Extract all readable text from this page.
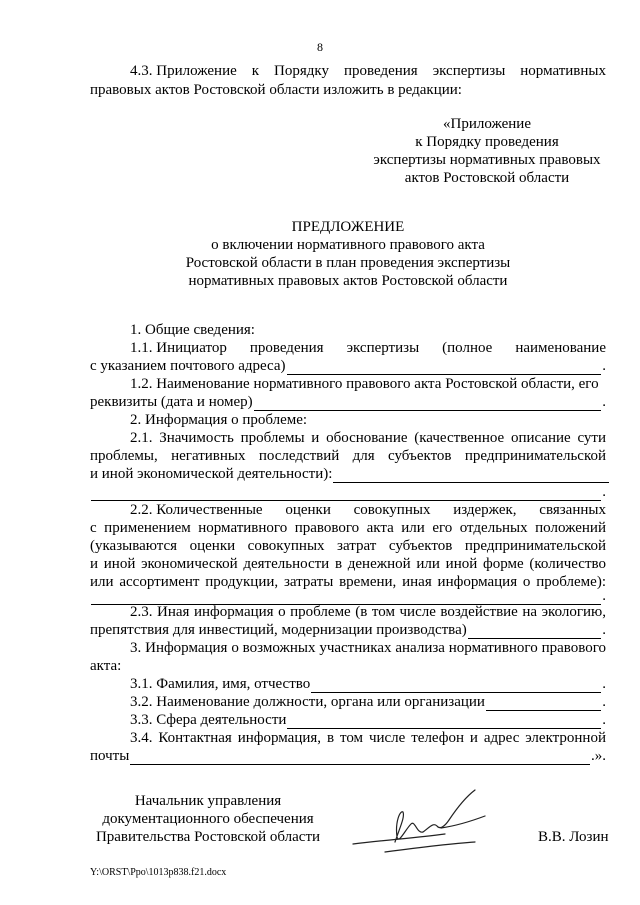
8
4.3. Приложение к Порядку проведения экспертизы нормативных
правовых актов Ростовской области изложить в редакции:
«Приложение
к Порядку проведения
экспертизы нормативных правовых
актов Ростовской области
ПРЕДЛОЖЕНИЕ
о включении нормативного правового акта
Ростовской области в план проведения экспертизы
нормативных правовых актов Ростовской области
1. Общие сведения:
1.1. Инициатор проведения экспертизы (полное наименование
с указанием почтового адреса)	.
1.2. Наименование нормативного правового акта Ростовской области, его
реквизиты (дата и номер)	.
2. Информация о проблеме:
2.1. Значимость проблемы и обоснование (качественное описание сути
проблемы, негативных последствий для субъектов предпринимательской
и иной экономической деятельности):
.
2.2. Количественные оценки совокупных издержек, связанных
с применением нормативного правового акта или его отдельных положений
(указываются оценки совокупных затрат субъектов предпринимательской
и иной экономической деятельности в денежной или иной форме (количество
или ассортимент продукции, затраты времени, иная информация о проблеме):
.
2.3. Иная информация о проблеме (в том числе воздействие на экологию,
препятствия для инвестиций, модернизации производства)	.
3. Информация о возможных участниках анализа нормативного правового
акта:
3.1. Фамилия, имя, отчество	.
3.2. Наименование должности, органа или организации	.
3.3. Сфера деятельности	.
3.4. Контактная информация, в том числе телефон и адрес электронной
почты	.».
Начальник управления
документационного обеспечения
Правительства Ростовской области	В.В. Лозин
Y:\ORST\Ppo\1013p838.f21.docx
